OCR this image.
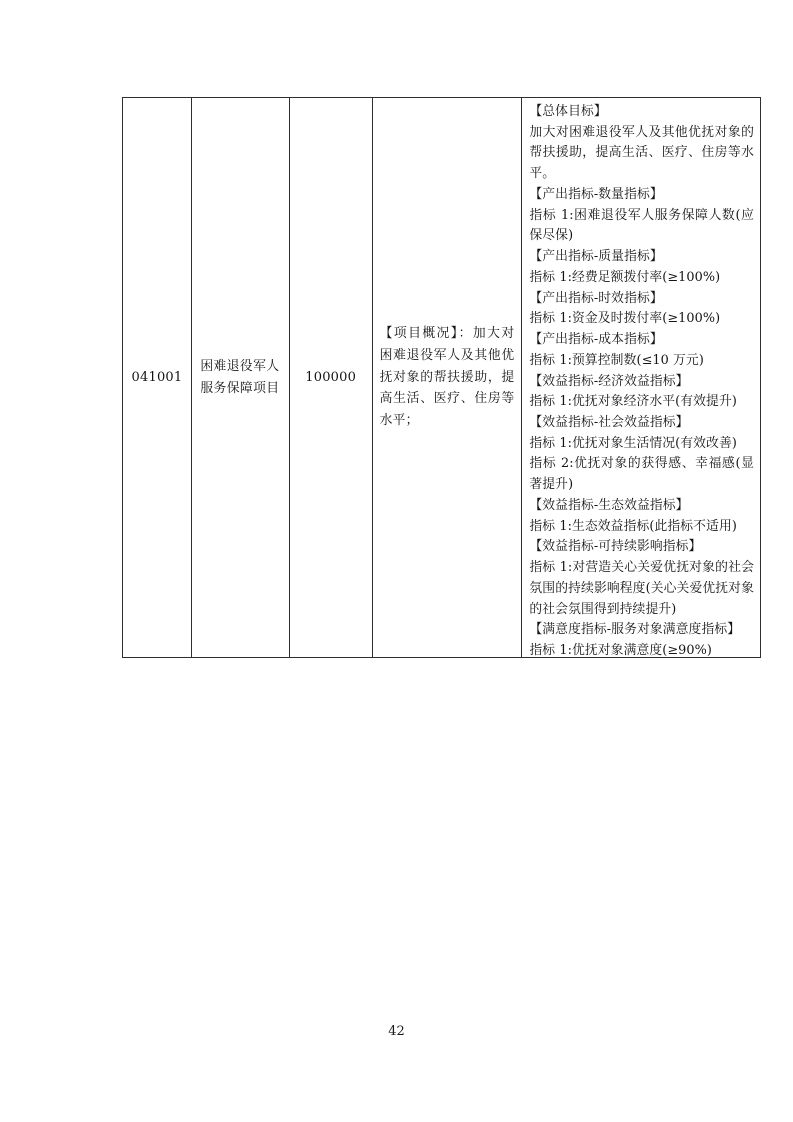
041001
困难退役军人服务保障项目
100000
【项目概况】：加大对困难退役军人及其他优抚对象的帮扶援助，提高生活、医疗、住房等水平；
【总体目标】
加大对困难退役军人及其他优抚对象的帮扶援助，提高生活、医疗、住房等水平。
【产出指标-数量指标】
指标 1:困难退役军人服务保障人数(应保尽保)
【产出指标-质量指标】
指标 1:经费足额拨付率(≥100%)
【产出指标-时效指标】
指标 1:资金及时拨付率(≥100%)
【产出指标-成本指标】
指标 1:预算控制数(≤10 万元)
【效益指标-经济效益指标】
指标 1:优抚对象经济水平(有效提升)
【效益指标-社会效益指标】
指标 1:优抚对象生活情况(有效改善)
指标 2:优抚对象的获得感、幸福感(显著提升)
【效益指标-生态效益指标】
指标 1:生态效益指标(此指标不适用)
【效益指标-可持续影响指标】
指标 1:对营造关心关爱优抚对象的社会氛围的持续影响程度(关心关爱优抚对象的社会氛围得到持续提升)
【满意度指标-服务对象满意度指标】
指标 1:优抚对象满意度(≥90%)
42
